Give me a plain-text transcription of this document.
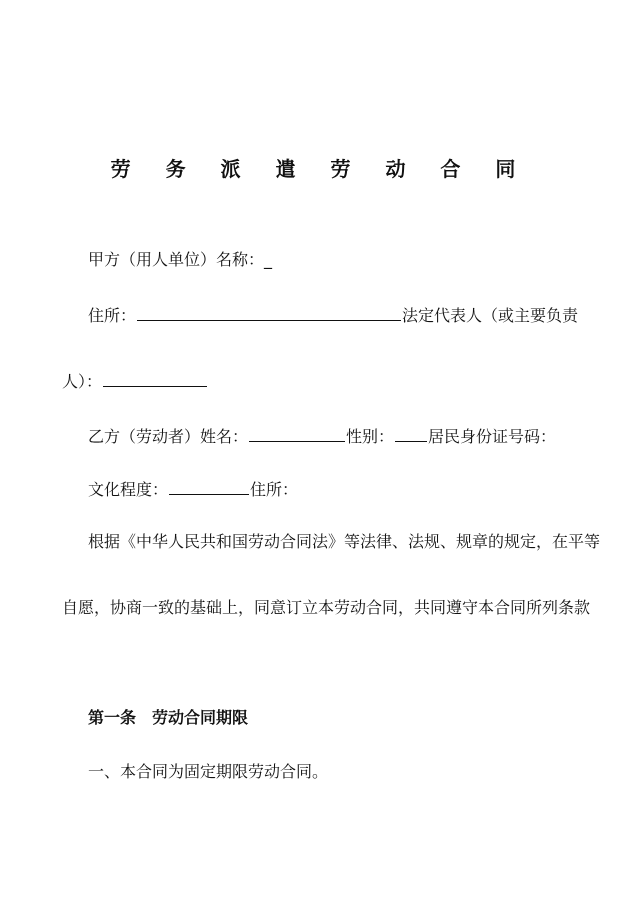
劳 务 派 遣 劳 动 合 同
甲方（用人单位）名称：_
住所：	法定代表人（或主要负责
人）：
乙方（劳动者）姓名：	性别： 居民身份证号码：
文化程度：	住所：
根据《中华人民共和国劳动合同法》等法律、法规、规章的规定，在平等
自愿，协商一致的基础上，同意订立本劳动合同，共同遵守本合同所列条款
第一条　劳动合同期限
一、本合同为固定期限劳动合同。
